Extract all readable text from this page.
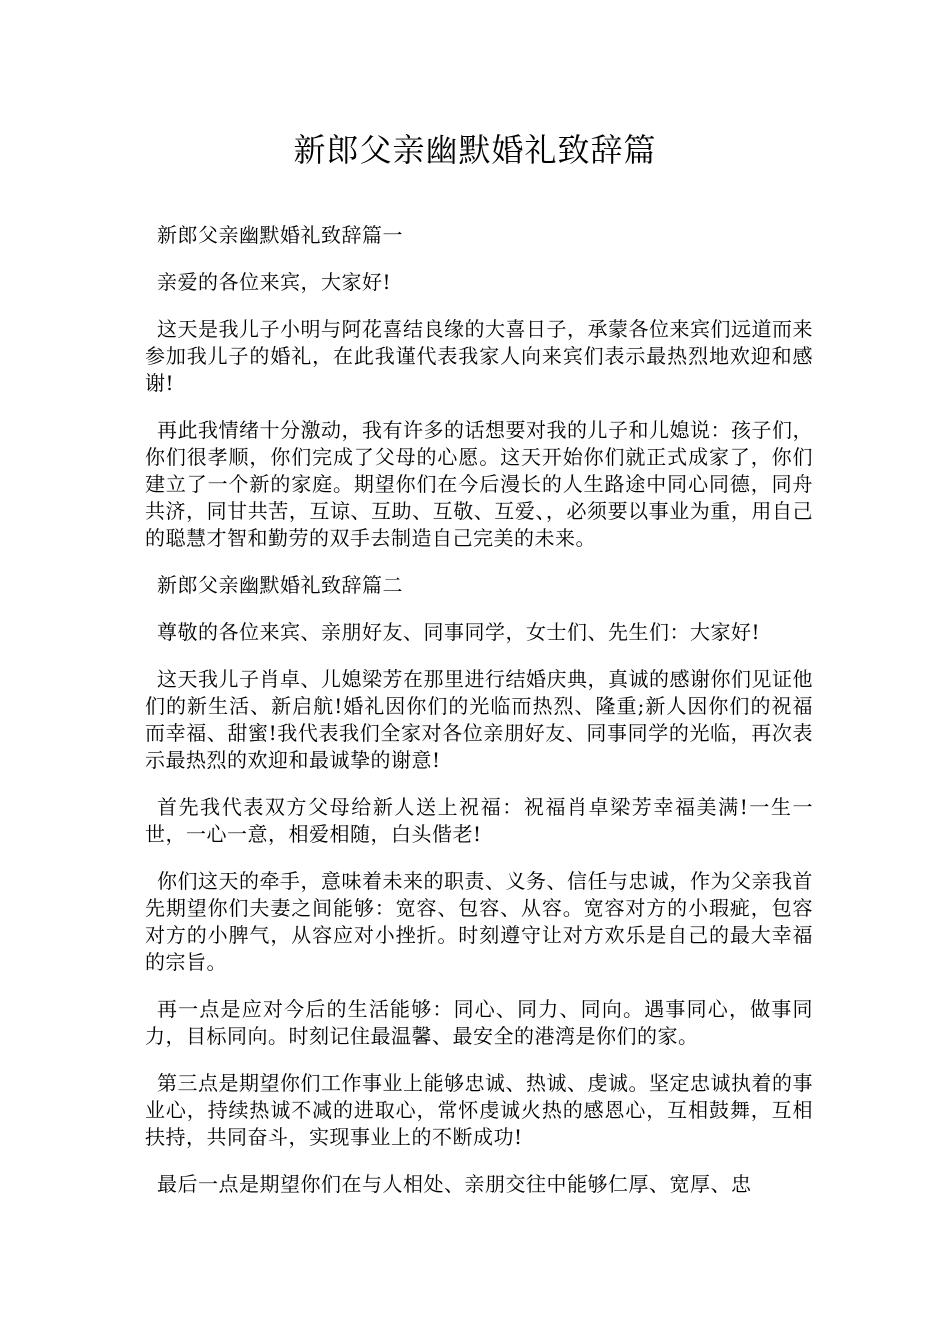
新郎父亲幽默婚礼致辞篇

新郎父亲幽默婚礼致辞篇一

亲爱的各位来宾，大家好!

这天是我儿子小明与阿花喜结良缘的大喜日子，承蒙各位来宾们远道而来参加我儿子的婚礼，在此我谨代表我家人向来宾们表示最热烈地欢迎和感谢!

再此我情绪十分激动，我有许多的话想要对我的儿子和儿媳说：孩子们，你们很孝顺，你们完成了父母的心愿。这天开始你们就正式成家了，你们建立了一个新的家庭。期望你们在今后漫长的人生路途中同心同德，同舟共济，同甘共苦，互谅、互助、互敬、互爱、，必须要以事业为重，用自己的聪慧才智和勤劳的双手去制造自己完美的未来。

新郎父亲幽默婚礼致辞篇二

尊敬的各位来宾、亲朋好友、同事同学，女士们、先生们：大家好!

这天我儿子肖卓、儿媳梁芳在那里进行结婚庆典，真诚的感谢你们见证他们的新生活、新启航!婚礼因你们的光临而热烈、隆重;新人因你们的祝福而幸福、甜蜜!我代表我们全家对各位亲朋好友、同事同学的光临，再次表示最热烈的欢迎和最诚挚的谢意!

首先我代表双方父母给新人送上祝福：祝福肖卓梁芳幸福美满!一生一世，一心一意，相爱相随，白头偕老!

你们这天的牵手，意味着未来的职责、义务、信任与忠诚，作为父亲我首先期望你们夫妻之间能够：宽容、包容、从容。宽容对方的小瑕疵，包容对方的小脾气，从容应对小挫折。时刻遵守让对方欢乐是自己的最大幸福的宗旨。

再一点是应对今后的生活能够：同心、同力、同向。遇事同心，做事同力，目标同向。时刻记住最温馨、最安全的港湾是你们的家。

第三点是期望你们工作事业上能够忠诚、热诚、虔诚。坚定忠诚执着的事业心，持续热诚不减的进取心，常怀虔诚火热的感恩心，互相鼓舞，互相扶持，共同奋斗，实现事业上的不断成功!

最后一点是期望你们在与人相处、亲朋交往中能够仁厚、宽厚、忠
